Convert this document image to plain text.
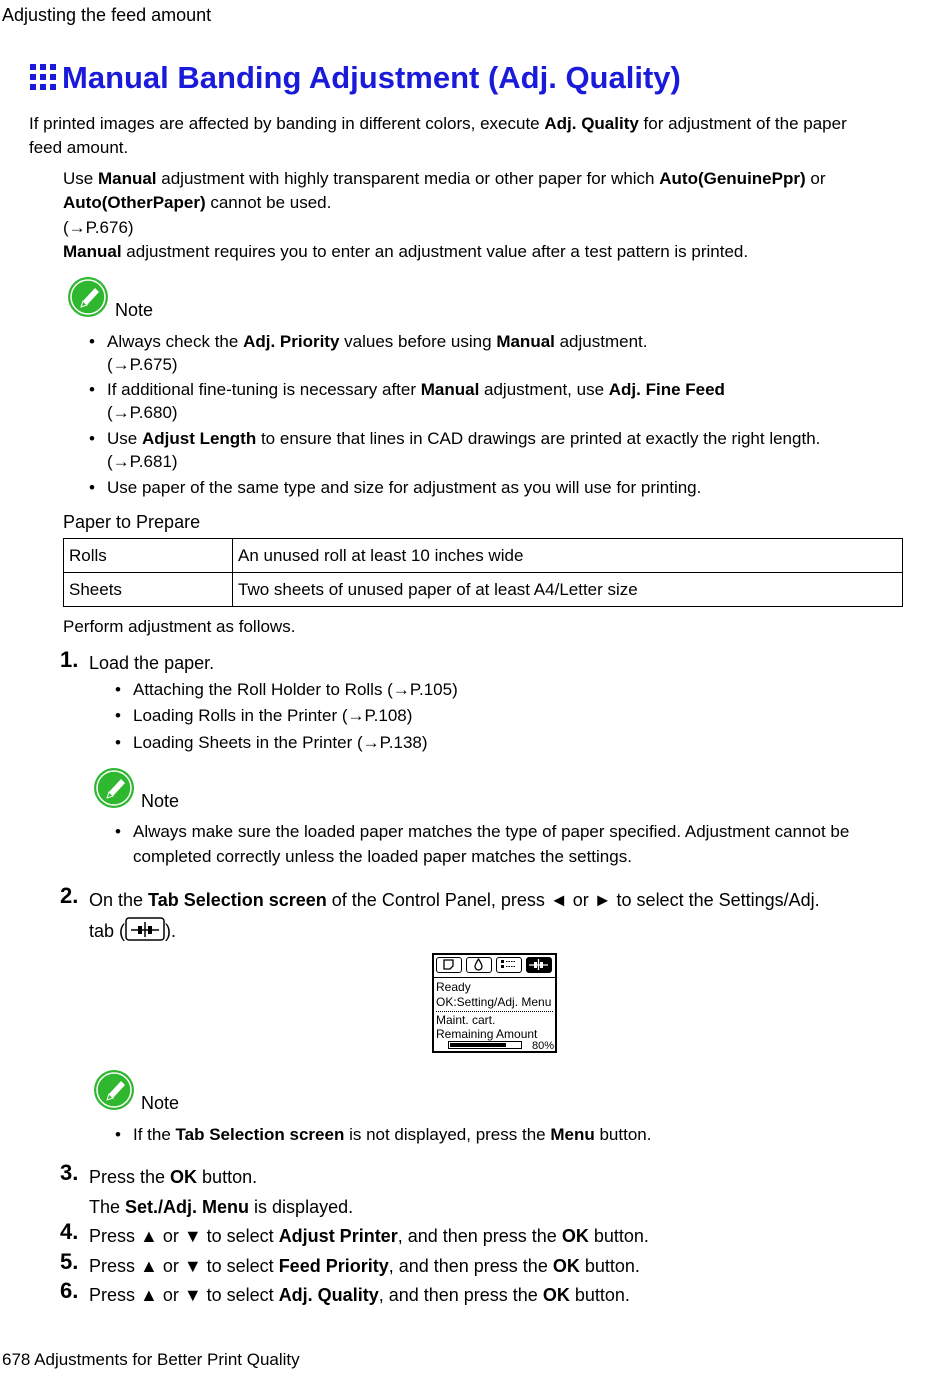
Adjusting the feed amount
Manual Banding Adjustment (Adj. Quality)
If printed images are affected by banding in different colors, execute Adj. Quality for adjustment of the paper
feed amount.
Use Manual adjustment with highly transparent media or other paper for which Auto(GenuinePpr) or
Auto(OtherPaper) cannot be used.
(→P.676)
Manual adjustment requires you to enter an adjustment value after a test pattern is printed.
Note
• Always check the Adj. Priority values before using Manual adjustment.
(→P.675)
• If additional fine-tuning is necessary after Manual adjustment, use Adj. Fine Feed
(→P.680)
• Use Adjust Length to ensure that lines in CAD drawings are printed at exactly the right length.
(→P.681)
• Use paper of the same type and size for adjustment as you will use for printing.
Paper to Prepare
Rolls	An unused roll at least 10 inches wide
Sheets	Two sheets of unused paper of at least A4/Letter size
Perform adjustment as follows.
1. Load the paper.
• Attaching the Roll Holder to Rolls (→P.105)
• Loading Rolls in the Printer (→P.108)
• Loading Sheets in the Printer (→P.138)
Note
• Always make sure the loaded paper matches the type of paper specified. Adjustment cannot be
completed correctly unless the loaded paper matches the settings.
2. On the Tab Selection screen of the Control Panel, press ◄ or ► to select the Settings/Adj.
tab ( ).
Ready
OK:Setting/Adj. Menu
Maint. cart.
Remaining Amount
80%
Note
• If the Tab Selection screen is not displayed, press the Menu button.
3. Press the OK button.
The Set./Adj. Menu is displayed.
4. Press ▲ or ▼ to select Adjust Printer, and then press the OK button.
5. Press ▲ or ▼ to select Feed Priority, and then press the OK button.
6. Press ▲ or ▼ to select Adj. Quality, and then press the OK button.
678 Adjustments for Better Print Quality
